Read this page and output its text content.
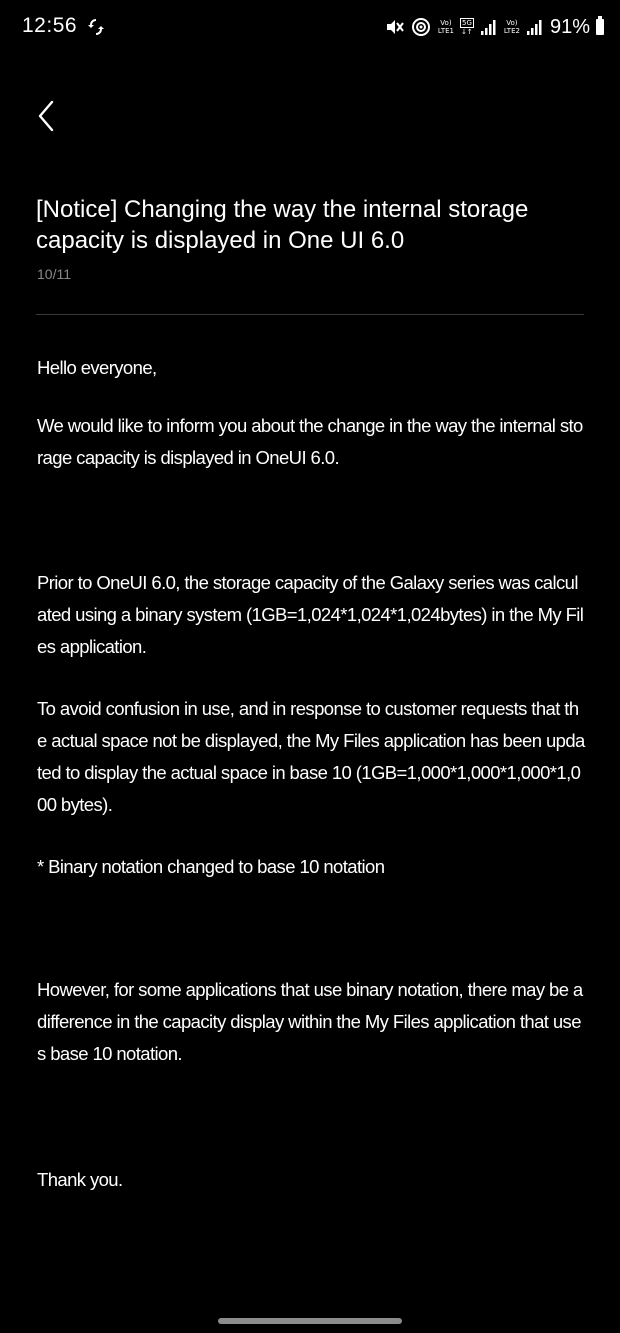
12:56	Vo)
LTE1
5G
↓↑
Vo)
LTE2 91%
[Notice] Changing the way the internal storage capacity is displayed in One UI 6.0
10/11

Hello everyone,

We would like to inform you about the change in the way the internal storage capacity is displayed in OneUI 6.0.

Prior to OneUI 6.0, the storage capacity of the Galaxy series was calculated using a binary system (1GB=1,024*1,024*1,024bytes) in the My Files application.

To avoid confusion in use, and in response to customer requests that the actual space not be displayed, the My Files application has been updated to display the actual space in base 10 (1GB=1,000*1,000*1,000*1,000 bytes).

* Binary notation changed to base 10 notation

However, for some applications that use binary notation, there may be a difference in the capacity display within the My Files application that uses base 10 notation.

Thank you.
